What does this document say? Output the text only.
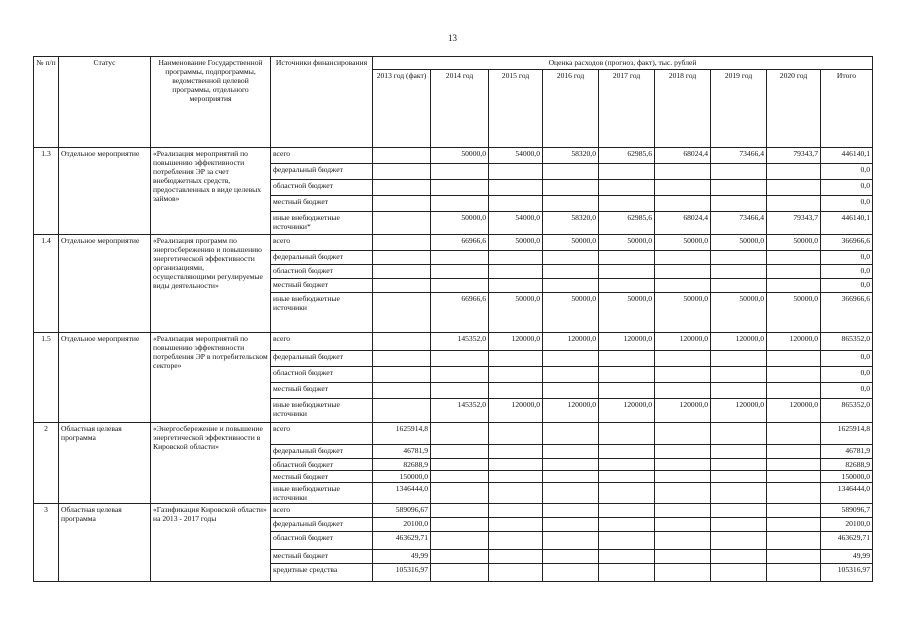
13
№ п/п	Статус	Наименование Государственной программы, подпрограммы, ведомственной целевой программы, отдельного мероприятия	Источники финансирования	Оценка расходов (прогноз, факт), тыс. рублей								
				2013 год (факт)	2014 год	2015 год	2016 год	2017 год	2018 год	2019 год	2020 год	Итого
1.3	Отдельное мероприятие	«Реализация мероприятий по повышению эффективности потребления ЭР за счет внебюджетных средств, предоставленных в виде целевых займов»	всего		50000,0	54000,0	58320,0	62985,6	68024,4	73466,4	79343,7	446140,1
			федеральный бюджет									0,0
			областной бюджет									0,0
			местный бюджет									0,0
			иные внебюджетные источники*		50000,0	54000,0	58320,0	62985,6	68024,4	73466,4	79343,7	446140,1
1.4	Отдельное мероприятие	«Реализация программ по энергосбережению и повышению энергетической эффективности организациями, осуществляющими регулируемые виды деятельности»	всего		66966,6	50000,0	50000,0	50000,0	50000,0	50000,0	50000,0	366966,6
			федеральный бюджет									0,0
			областной бюджет									0,0
			местный бюджет									0,0
			иные внебюджетные источники		66966,6	50000,0	50000,0	50000,0	50000,0	50000,0	50000,0	366966,6
1.5	Отдельное мероприятие	«Реализация мероприятий по повышению эффективности потребления ЭР в потребительском секторе»	всего		145352,0	120000,0	120000,0	120000,0	120000,0	120000,0	120000,0	865352,0
			федеральный бюджет									0,0
			областной бюджет									0,0
			местный бюджет									0,0
			иные внебюджетные источники		145352,0	120000,0	120000,0	120000,0	120000,0	120000,0	120000,0	865352,0
2	Областная целевая программа	«Энергосбережение и повышение энергетической эффективности в Кировской области»	всего	1625914,8								1625914,8
			федеральный бюджет	46781,9								46781,9
			областной бюджет	82688,9								82688,9
			местный бюджет	150000,0								150000,0
			иные внебюджетные источники	1346444,0								1346444,0
3	Областная целевая программа	«Газификация Кировской области» на 2013 - 2017 годы	всего	589096,67								589096,7
			федеральный бюджет	20100,0								20100,0
			областной бюджет	463629,71								463629,71
			местный бюджет	49,99								49,99
			кредитные средства	105316,97								105316,97
